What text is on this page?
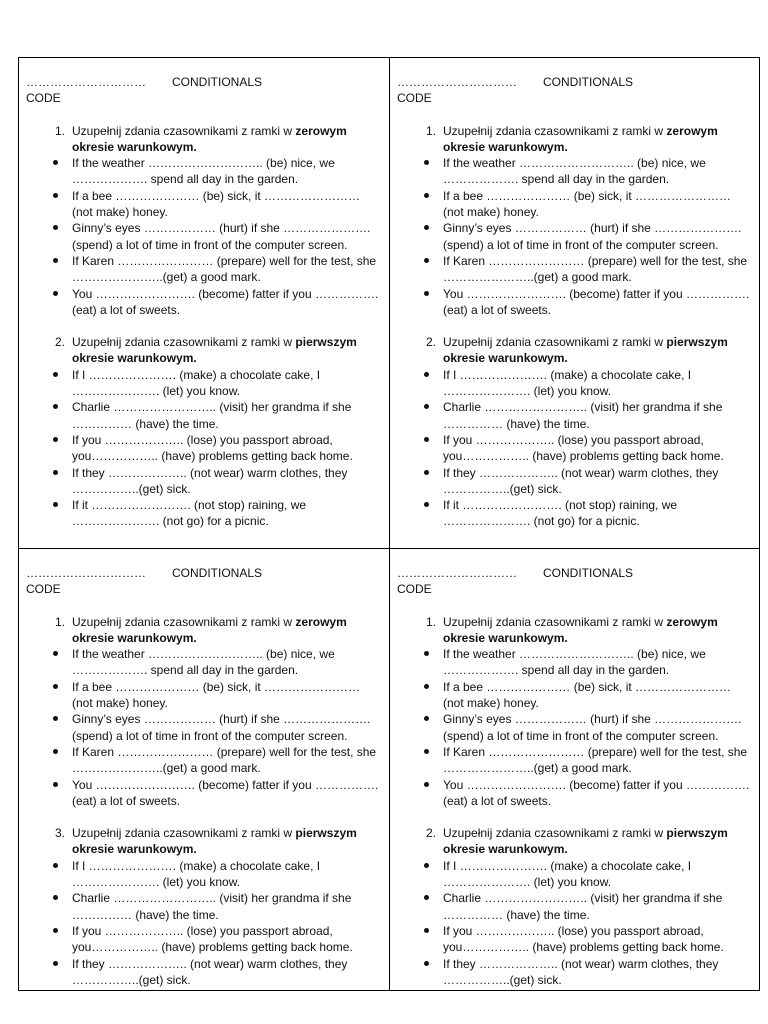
…………………………	CONDITIONALS
CODE
1. Uzupełnij zdania czasownikami z ramki w zerowym okresie warunkowym.
If the weather ……………………….. (be) nice, we ………………. spend all day in the garden.
If a bee ………………… (be) sick, it …………………… (not make) honey.
Ginny’s eyes ……………… (hurt) if she …………………. (spend) a lot of time in front of the computer screen.
If Karen …………………… (prepare) well for the test, she …………………..(get) a good mark.
You ……………………. (become) fatter if you ……………. (eat) a lot of sweets.
2. Uzupełnij zdania czasownikami z ramki w pierwszym okresie warunkowym.
If I …………………. (make) a chocolate cake, I …………………. (let) you know.
Charlie …………………….. (visit) her grandma if she …………… (have) the time.
If you ……………….. (lose) you passport abroad, you…………….. (have) problems getting back home.
If they ……………….. (not wear) warm clothes, they ……………..(get) sick.
If it ……………………. (not stop) raining, we …………………. (not go) for a picnic.
…………………………	CONDITIONALS
CODE
1. Uzupełnij zdania czasownikami z ramki w zerowym okresie warunkowym.
If the weather ……………………….. (be) nice, we ………………. spend all day in the garden.
If a bee ………………… (be) sick, it …………………… (not make) honey.
Ginny’s eyes ……………… (hurt) if she …………………. (spend) a lot of time in front of the computer screen.
If Karen …………………… (prepare) well for the test, she …………………..(get) a good mark.
You ……………………. (become) fatter if you ……………. (eat) a lot of sweets.
2. Uzupełnij zdania czasownikami z ramki w pierwszym okresie warunkowym.
If I …………………. (make) a chocolate cake, I …………………. (let) you know.
Charlie …………………….. (visit) her grandma if she …………… (have) the time.
If you ……………….. (lose) you passport abroad, you…………….. (have) problems getting back home.
If they ……………….. (not wear) warm clothes, they ……………..(get) sick.
If it ……………………. (not stop) raining, we …………………. (not go) for a picnic.
…………………………	CONDITIONALS
CODE
1. Uzupełnij zdania czasownikami z ramki w zerowym okresie warunkowym.
If the weather ……………………….. (be) nice, we ………………. spend all day in the garden.
If a bee ………………… (be) sick, it …………………… (not make) honey.
Ginny’s eyes ……………… (hurt) if she …………………. (spend) a lot of time in front of the computer screen.
If Karen …………………… (prepare) well for the test, she …………………..(get) a good mark.
You ……………………. (become) fatter if you ……………. (eat) a lot of sweets.
3. Uzupełnij zdania czasownikami z ramki w pierwszym okresie warunkowym.
If I …………………. (make) a chocolate cake, I …………………. (let) you know.
Charlie …………………….. (visit) her grandma if she …………… (have) the time.
If you ……………….. (lose) you passport abroad, you…………….. (have) problems getting back home.
If they ……………….. (not wear) warm clothes, they ……………..(get) sick.
…………………………	CONDITIONALS
CODE
1. Uzupełnij zdania czasownikami z ramki w zerowym okresie warunkowym.
If the weather ……………………….. (be) nice, we ………………. spend all day in the garden.
If a bee ………………… (be) sick, it …………………… (not make) honey.
Ginny’s eyes ……………… (hurt) if she …………………. (spend) a lot of time in front of the computer screen.
If Karen …………………… (prepare) well for the test, she …………………..(get) a good mark.
You ……………………. (become) fatter if you ……………. (eat) a lot of sweets.
2. Uzupełnij zdania czasownikami z ramki w pierwszym okresie warunkowym.
If I …………………. (make) a chocolate cake, I …………………. (let) you know.
Charlie …………………….. (visit) her grandma if she …………… (have) the time.
If you ……………….. (lose) you passport abroad, you…………….. (have) problems getting back home.
If they ……………….. (not wear) warm clothes, they ……………..(get) sick.
